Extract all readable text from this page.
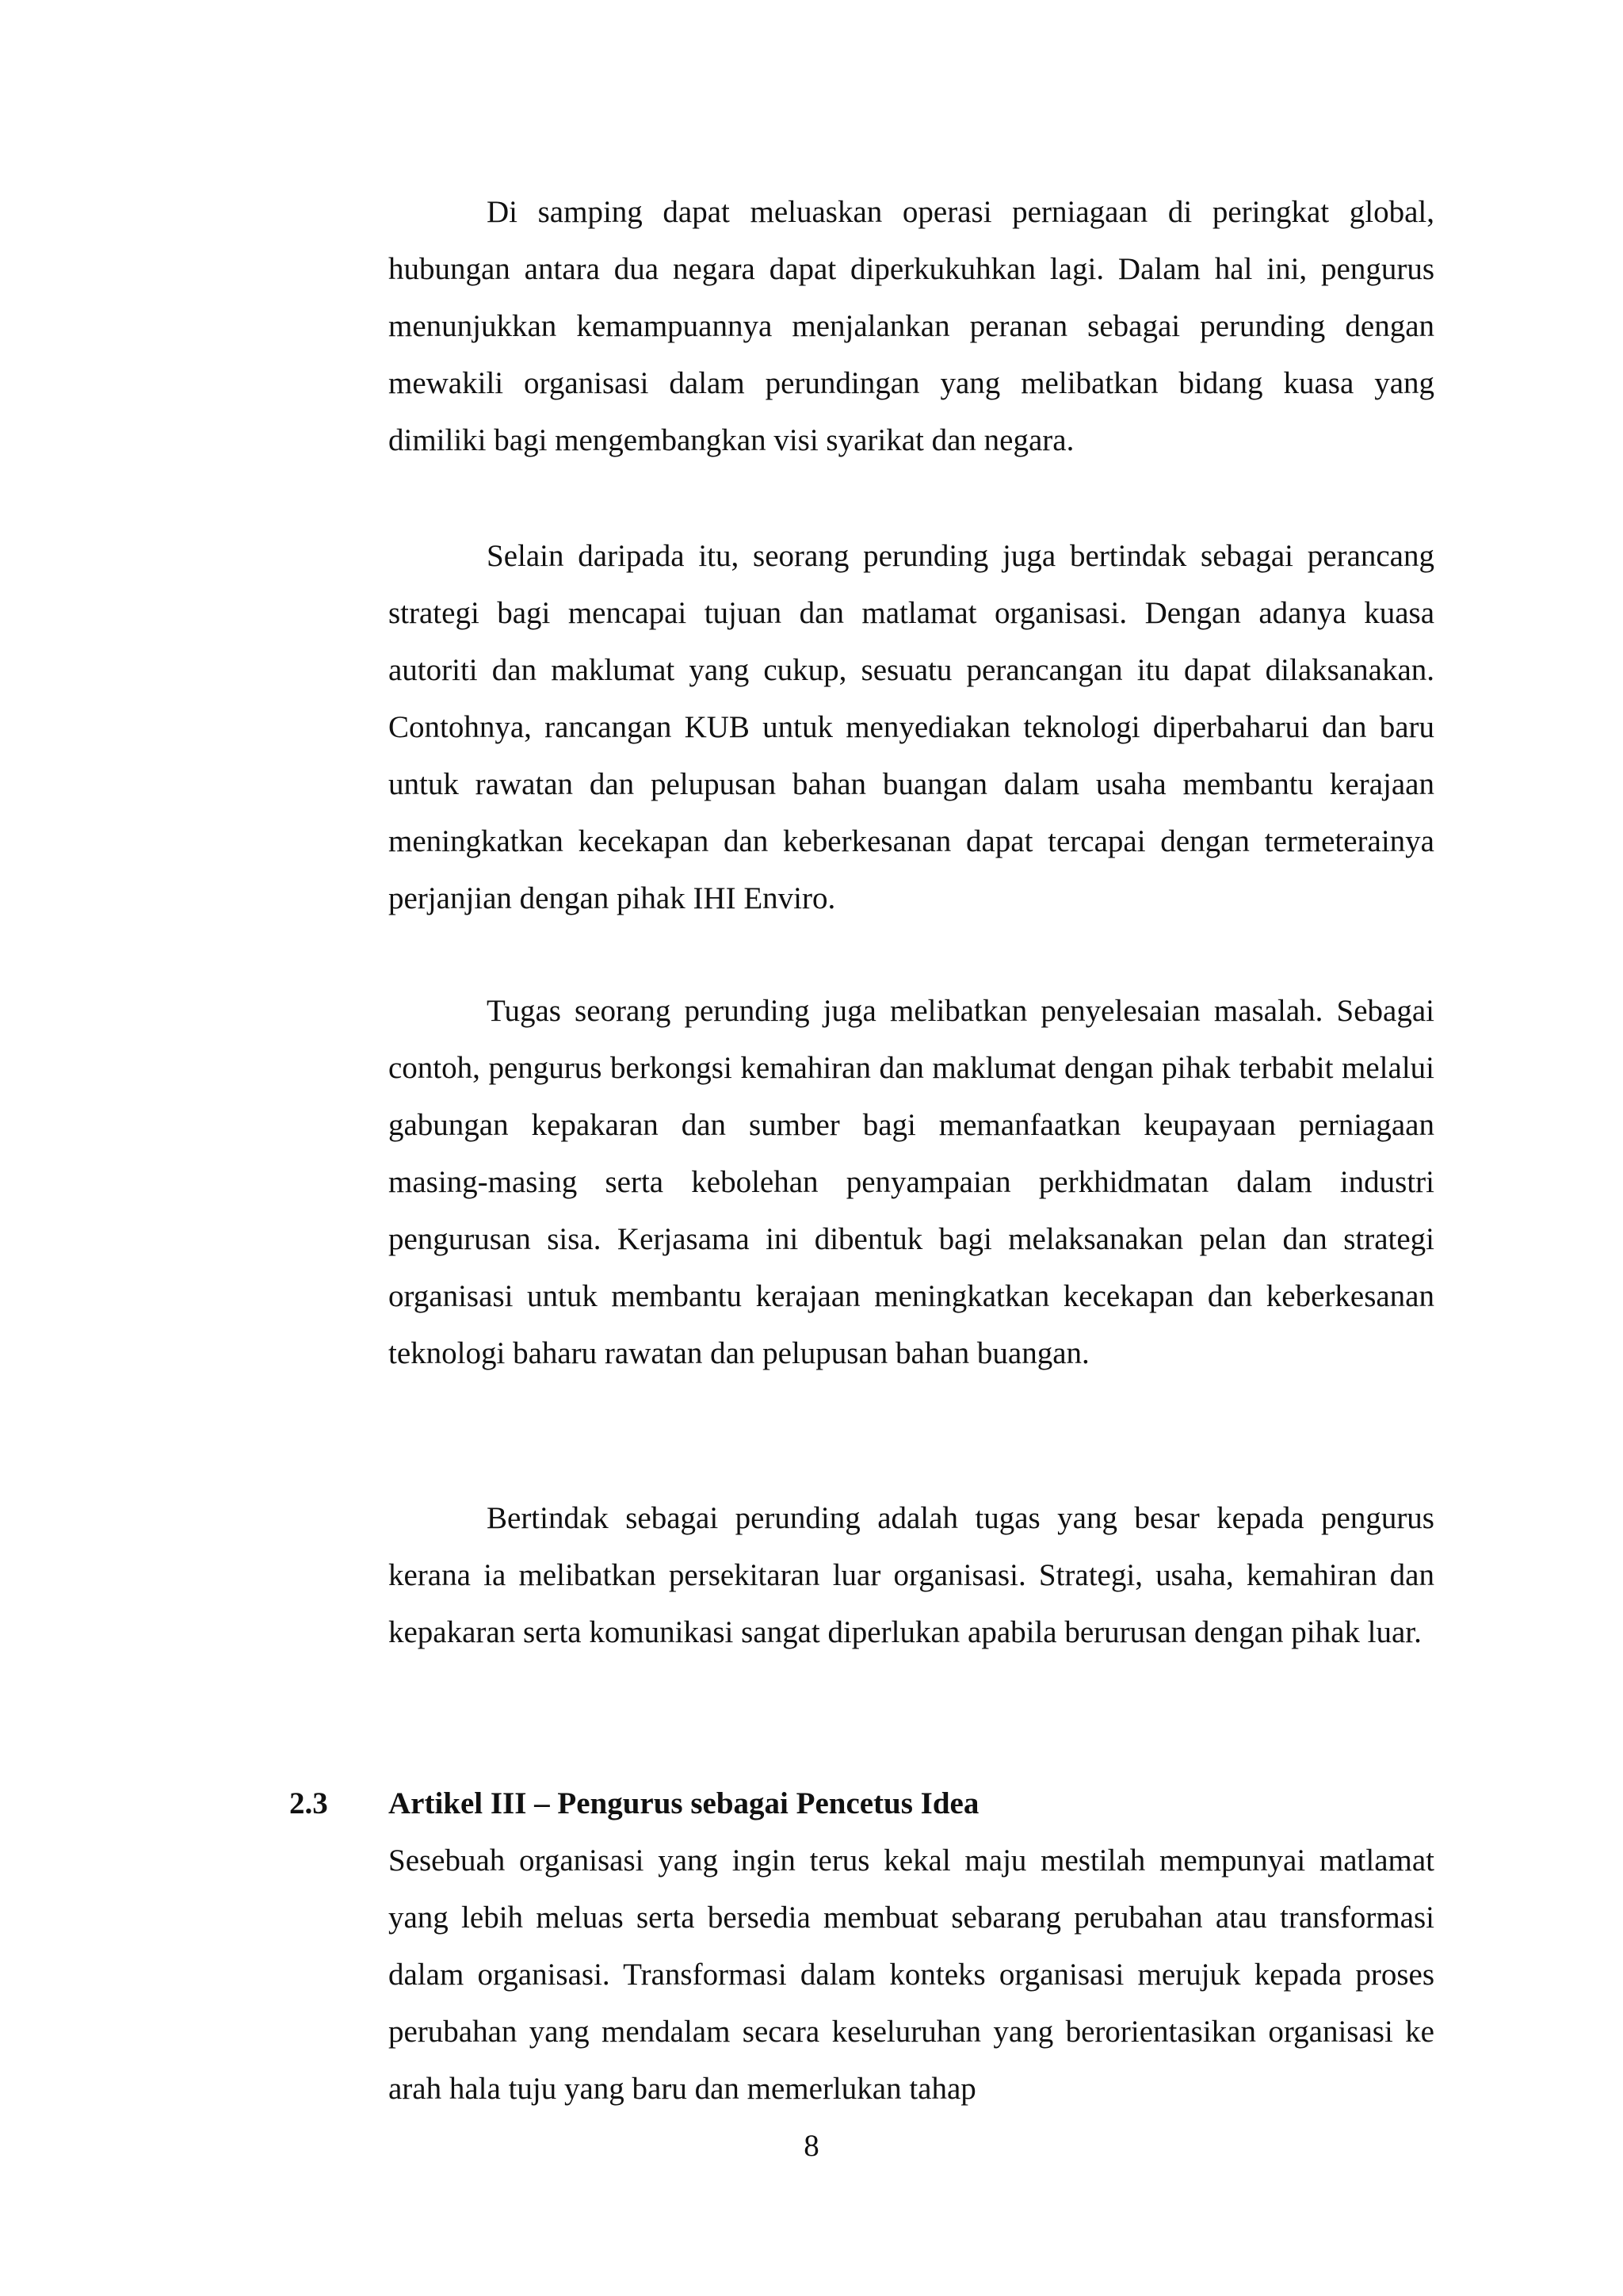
Di samping dapat meluaskan operasi perniagaan di peringkat global, hubungan antara dua negara dapat diperkukuhkan lagi. Dalam hal ini, pengurus menunjukkan kemampuannya menjalankan peranan sebagai perunding dengan mewakili organisasi dalam perundingan yang melibatkan bidang kuasa yang dimiliki bagi mengembangkan visi syarikat dan negara.

Selain daripada itu, seorang perunding juga bertindak sebagai perancang strategi bagi mencapai tujuan dan matlamat organisasi. Dengan adanya kuasa autoriti dan maklumat yang cukup, sesuatu perancangan itu dapat dilaksanakan. Contohnya, rancangan KUB untuk menyediakan teknologi diperbaharui dan baru untuk rawatan dan pelupusan bahan buangan dalam usaha membantu kerajaan meningkatkan kecekapan dan keberkesanan dapat tercapai dengan termeterainya perjanjian dengan pihak IHI Enviro.

Tugas seorang perunding juga melibatkan penyelesaian masalah. Sebagai contoh, pengurus berkongsi kemahiran dan maklumat dengan pihak terbabit melalui gabungan kepakaran dan sumber bagi memanfaatkan keupayaan perniagaan masing-masing serta kebolehan penyampaian perkhidmatan dalam industri pengurusan sisa. Kerjasama ini dibentuk bagi melaksanakan pelan dan strategi organisasi untuk membantu kerajaan meningkatkan kecekapan dan keberkesanan teknologi baharu rawatan dan pelupusan bahan buangan.

Bertindak sebagai perunding adalah tugas yang besar kepada pengurus kerana ia melibatkan persekitaran luar organisasi. Strategi, usaha, kemahiran dan kepakaran serta komunikasi sangat diperlukan apabila berurusan dengan pihak luar.

2.3 Artikel III – Pengurus sebagai Pencetus Idea

Sesebuah organisasi yang ingin terus kekal maju mestilah mempunyai matlamat yang lebih meluas serta bersedia membuat sebarang perubahan atau transformasi dalam organisasi. Transformasi dalam konteks organisasi merujuk kepada proses perubahan yang mendalam secara keseluruhan yang berorientasikan organisasi ke arah hala tuju yang baru dan memerlukan tahap

8
